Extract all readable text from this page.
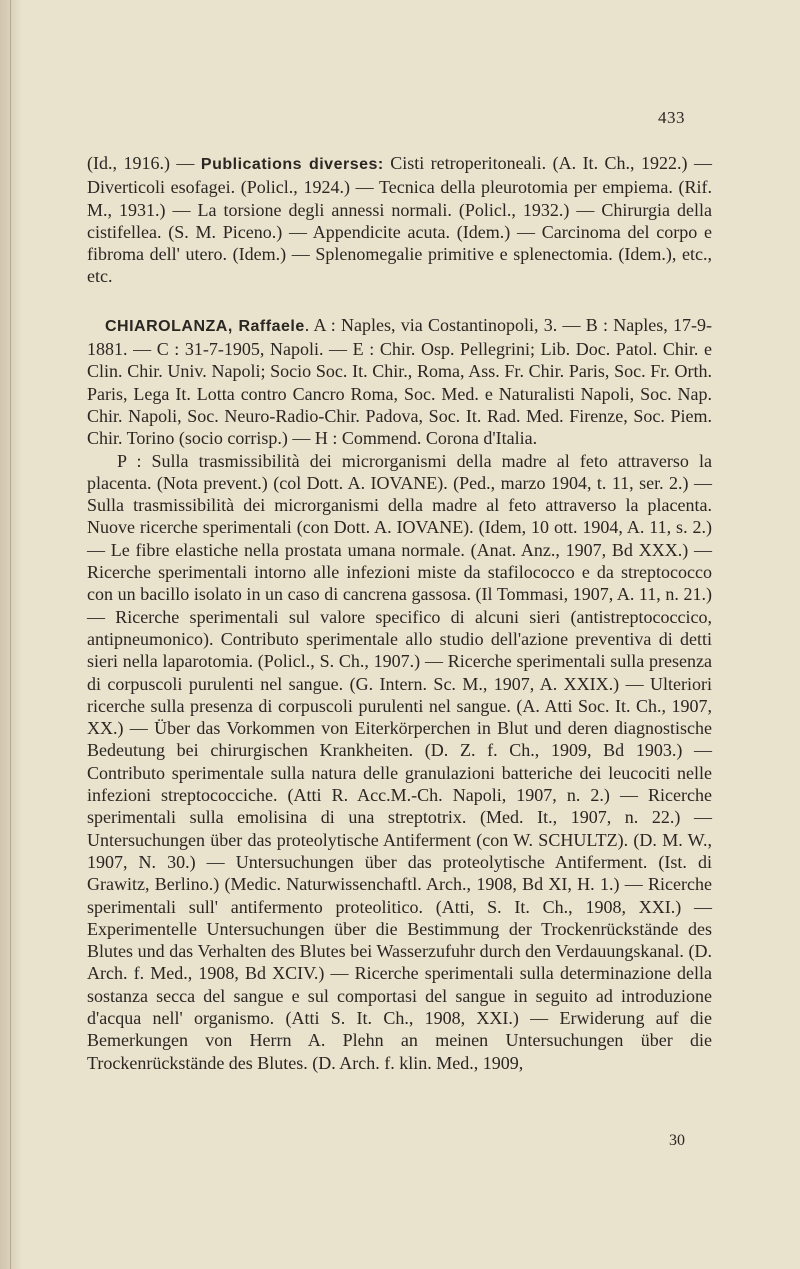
433

(Id., 1916.) — Publications diverses: Cisti retroperitoneali. (A. It. Ch., 1922.) — Diverticoli esofagei. (Policl., 1924.) — Tecnica della pleurotomia per empiema. (Rif. M., 1931.) — La torsione degli annessi normali. (Policl., 1932.) — Chirurgia della cistifellea. (S. M. Piceno.) — Appendicite acuta. (Idem.) — Carcinoma del corpo e fibroma dell' utero. (Idem.) — Splenomegalie primitive e splenectomia. (Idem.), etc., etc.

CHIAROLANZA, Raffaele. A : Naples, via Costantinopoli, 3. — B : Naples, 17-9-1881. — C : 31-7-1905, Napoli. — E : Chir. Osp. Pellegrini; Lib. Doc. Patol. Chir. e Clin. Chir. Univ. Napoli; Socio Soc. It. Chir., Roma, Ass. Fr. Chir. Paris, Soc. Fr. Orth. Paris, Lega It. Lotta contro Cancro Roma, Soc. Med. e Naturalisti Napoli, Soc. Nap. Chir. Napoli, Soc. Neuro-Radio-Chir. Padova, Soc. It. Rad. Med. Firenze, Soc. Piem. Chir. Torino (socio corrisp.) — H : Commend. Corona d'Italia.

P : Sulla trasmissibilità dei microrganismi della madre al feto attraverso la placenta. (Nota prevent.) (col Dott. A. IOVANE). (Ped., marzo 1904, t. 11, ser. 2.) — Sulla trasmissibilità dei microrganismi della madre al feto attraverso la placenta. Nuove ricerche sperimentali (con Dott. A. IOVANE). (Idem, 10 ott. 1904, A. 11, s. 2.) — Le fibre elastiche nella prostata umana normale. (Anat. Anz., 1907, Bd XXX.) — Ricerche sperimentali intorno alle infezioni miste da stafilococco e da streptococco con un bacillo isolato in un caso di cancrena gassosa. (Il Tommasi, 1907, A. 11, n. 21.) — Ricerche sperimentali sul valore specifico di alcuni sieri (antistreptococcico, antipneumonico). Contributo sperimentale allo studio dell'azione preventiva di detti sieri nella laparotomia. (Policl., S. Ch., 1907.) — Ricerche sperimentali sulla presenza di corpuscoli purulenti nel sangue. (G. Intern. Sc. M., 1907, A. XXIX.) — Ulteriori ricerche sulla presenza di corpuscoli purulenti nel sangue. (A. Atti Soc. It. Ch., 1907, XX.) — Über das Vorkommen von Eiterkörperchen in Blut und deren diagnostische Bedeutung bei chirurgischen Krankheiten. (D. Z. f. Ch., 1909, Bd 1903.) — Contributo sperimentale sulla natura delle granulazioni batteriche dei leucociti nelle infezioni streptococciche. (Atti R. Acc.M.-Ch. Napoli, 1907, n. 2.) — Ricerche sperimentali sulla emolisina di una streptotrix. (Med. It., 1907, n. 22.) — Untersuchungen über das proteolytische Antiferment (con W. SCHULTZ). (D. M. W., 1907, N. 30.) — Untersuchungen über das proteolytische Antiferment. (Ist. di Grawitz, Berlino.) (Medic. Naturwissenchaftl. Arch., 1908, Bd XI, H. 1.) — Ricerche sperimentali sull' antifermento proteolitico. (Atti, S. It. Ch., 1908, XXI.) — Experimentelle Untersuchungen über die Bestimmung der Trockenrückstände des Blutes und das Verhalten des Blutes bei Wasserzufuhr durch den Verdauungskanal. (D. Arch. f. Med., 1908, Bd XCIV.) — Ricerche sperimentali sulla determinazione della sostanza secca del sangue e sul comportasi del sangue in seguito ad introduzione d'acqua nell' organismo. (Atti S. It. Ch., 1908, XXI.) — Erwiderung auf die Bemerkungen von Herrn A. Plehn an meinen Untersuchungen über die Trockenrückstände des Blutes. (D. Arch. f. klin. Med., 1909,

30
